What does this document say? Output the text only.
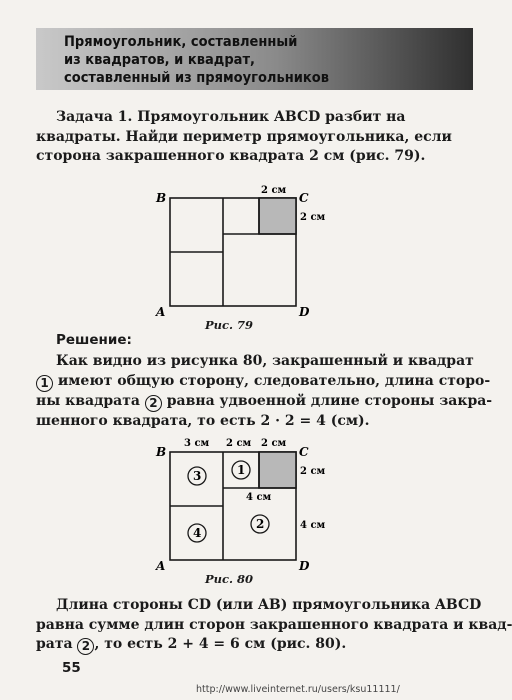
Прямоугольник, составленный
из квадратов, и квадрат,
составленный из прямоугольников
Задача 1. Прямоугольник ABCD разбит на
квадраты. Найди периметр прямоугольника, если
сторона закрашенного квадрата 2 см (рис. 79).
B	C
A	D
2 см
2 см
Рис. 79
Решение:
Как видно из рисунка 80, закрашенный и квадрат
1 имеют общую сторону, следовательно, длина сторо-
ны квадрата 2 равна удвоенной длине стороны закра-
шенного квадрата, то есть 2 · 2 = 4 (см).
B	C
A	D
3 см 2 см 2 см
2 см
4 см
4 см
3	1
4
2
Рис. 80
Длина стороны CD (или AB) прямоугольника ABCD
равна сумме длин сторон закрашенного квадрата и квад-
рата 2 , то есть 2 + 4 = 6 см (рис. 80).
55
http://www.liveinternet.ru/users/ksu11111/
